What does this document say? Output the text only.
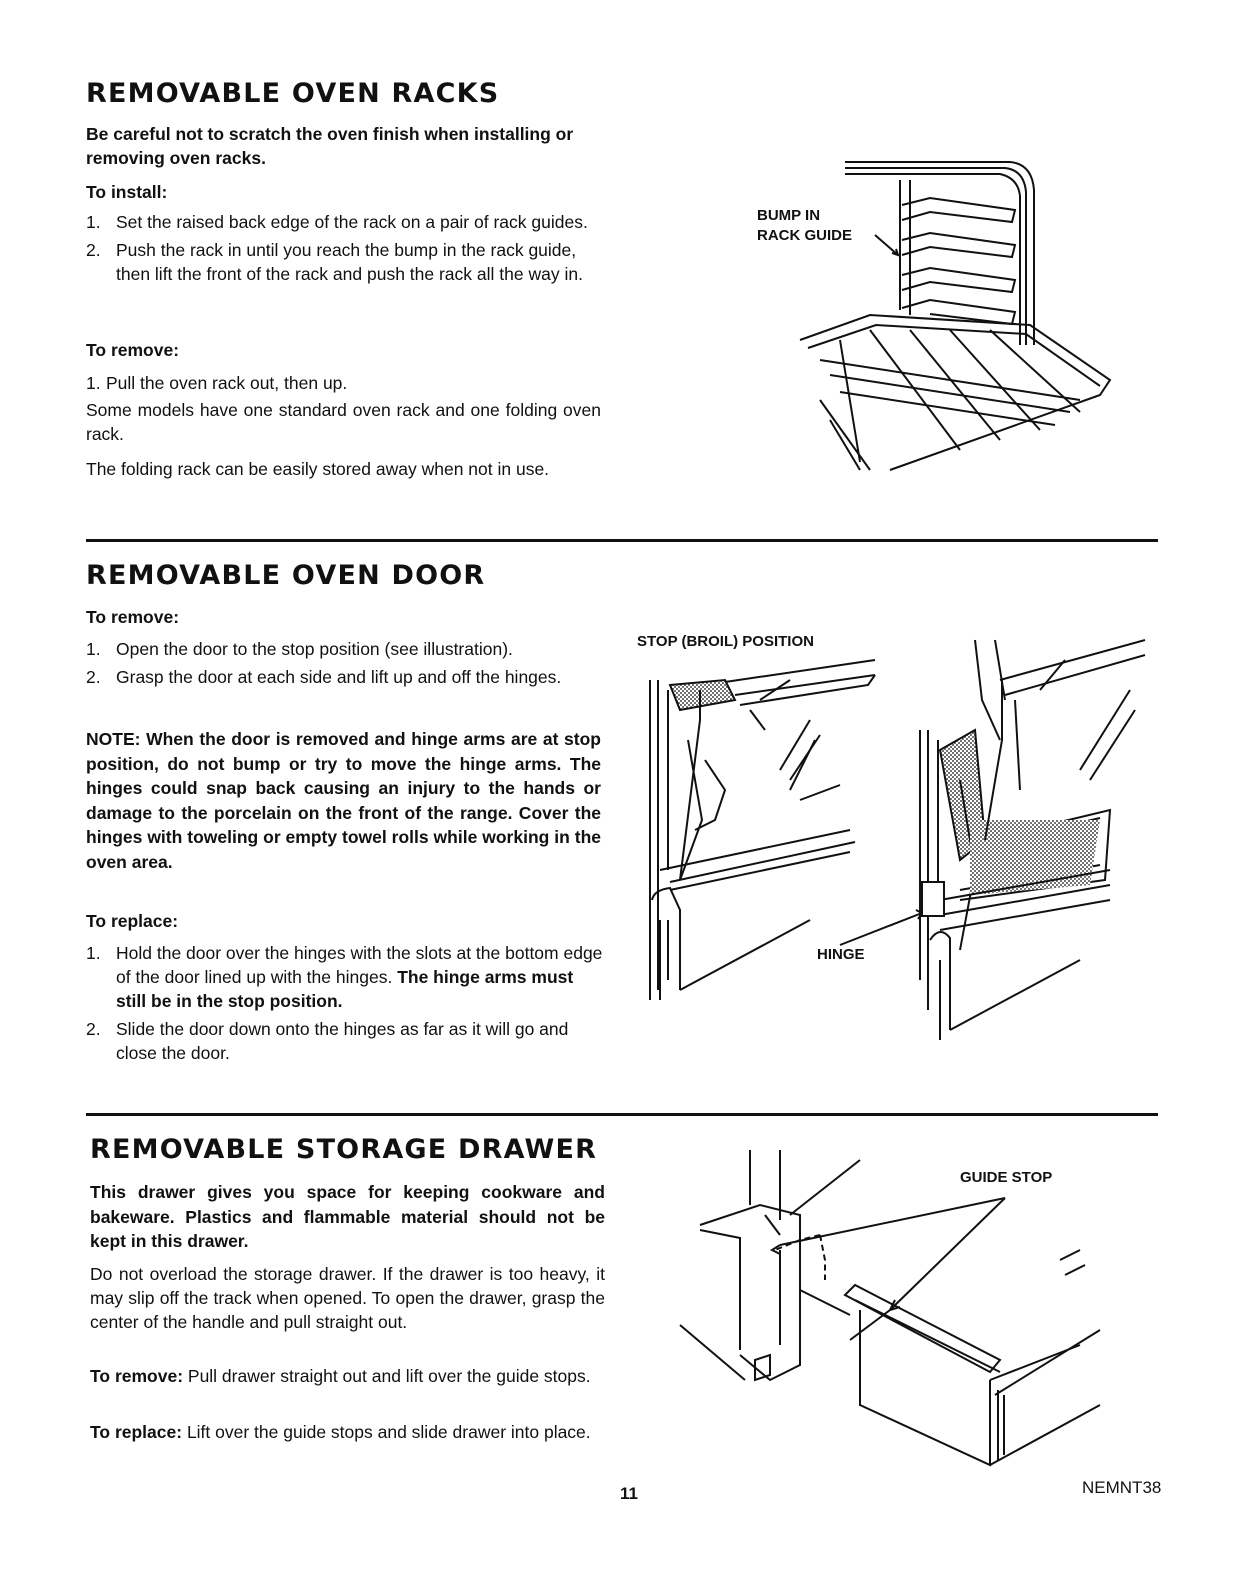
REMOVABLE OVEN RACKS

Be careful not to scratch the oven finish when installing or removing oven racks.

To install:

1. Set the raised back edge of the rack on a pair of rack guides.
2. Push the rack in until you reach the bump in the rack guide, then lift the front of the rack and push the rack all the way in.

To remove:

1. Pull the oven rack out, then up.

Some models have one standard oven rack and one folding oven rack.

The folding rack can be easily stored away when not in use.

BUMP IN
RACK GUIDE
REMOVABLE OVEN DOOR

To remove:

1. Open the door to the stop position (see illustration).
2. Grasp the door at each side and lift up and off the hinges.

NOTE: When the door is removed and hinge arms are at stop position, do not bump or try to move the hinge arms. The hinges could snap back causing an injury to the hands or damage to the porcelain on the front of the range. Cover the hinges with toweling or empty towel rolls while working in the oven area.

To replace:

1. Hold the door over the hinges with the slots at the bottom edge of the door lined up with the hinges. The hinge arms must still be in the stop position.
2. Slide the door down onto the hinges as far as it will go and close the door.
STOP (BROIL) POSITION
HINGE
REMOVABLE STORAGE DRAWER

This drawer gives you space for keeping cookware and bakeware. Plastics and flammable material should not be kept in this drawer.

Do not overload the storage drawer. If the drawer is too heavy, it may slip off the track when opened. To open the drawer, grasp the center of the handle and pull straight out.

To remove: Pull drawer straight out and lift over the guide stops.

To replace: Lift over the guide stops and slide drawer into place.

GUIDE STOP
11	NEMNT38
